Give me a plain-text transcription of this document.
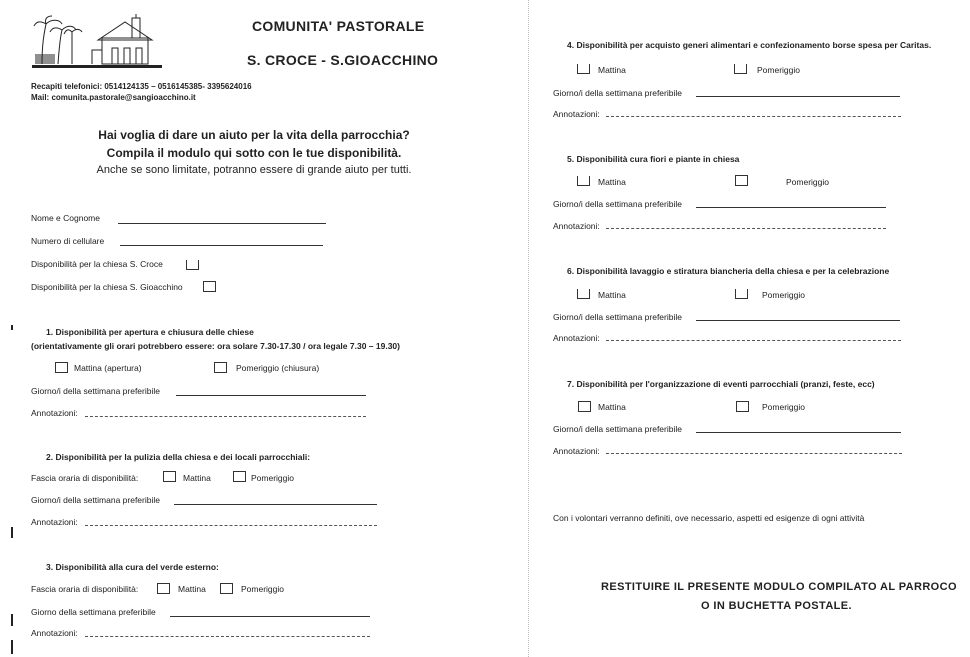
COMUNITA' PASTORALE
S. CROCE - S.GIOACCHINO
Recapiti telefonici: 0514124135 – 0516145385- 3395624016
Mail: comunita.pastorale@sangioacchino.it
Hai voglia di dare un aiuto per la vita della parrocchia?
Compila il modulo qui sotto con le tue disponibilità.
Anche se sono limitate, potranno essere di grande aiuto per tutti.
Nome e Cognome
Numero di cellulare
Disponibilità per la chiesa S. Croce
Disponibilità per la chiesa S. Gioacchino
1. Disponibilità per apertura e chiusura delle chiese
(orientativamente gli orari potrebbero essere: ora solare 7.30-17.30 / ora legale 7.30 – 19.30)
Mattina (apertura)	Pomeriggio (chiusura)
Giorno/i della settimana preferibile
Annotazioni:
2. Disponibilità per la pulizia della chiesa e dei locali parrocchiali:
Fascia oraria di disponibilità:	Mattina	Pomeriggio
Giorno/i della settimana preferibile
Annotazioni:
3. Disponibilità alla cura del verde esterno:
Fascia oraria di disponibilità:	Mattina	Pomeriggio
Giorno della settimana preferibile
Annotazioni:
4. Disponibilità per acquisto generi alimentari e confezionamento borse spesa per Caritas.
Mattina	Pomeriggio
Giorno/i della settimana preferibile
Annotazioni:
5. Disponibilità cura fiori e piante in chiesa
Mattina	Pomeriggio
Giorno/i della settimana preferibile
Annotazioni:
6. Disponibilità lavaggio e stiratura biancheria della chiesa e per la celebrazione
Mattina	Pomeriggio
Giorno/i della settimana preferibile
Annotazioni:
7. Disponibilità per l'organizzazione di eventi parrocchiali (pranzi, feste, ecc)
Mattina	Pomeriggio
Giorno/i della settimana preferibile
Annotazioni:
Con i volontari verranno definiti, ove necessario, aspetti ed esigenze di ogni attività
RESTITUIRE IL PRESENTE MODULO COMPILATO AL PARROCO
O IN BUCHETTA POSTALE.
